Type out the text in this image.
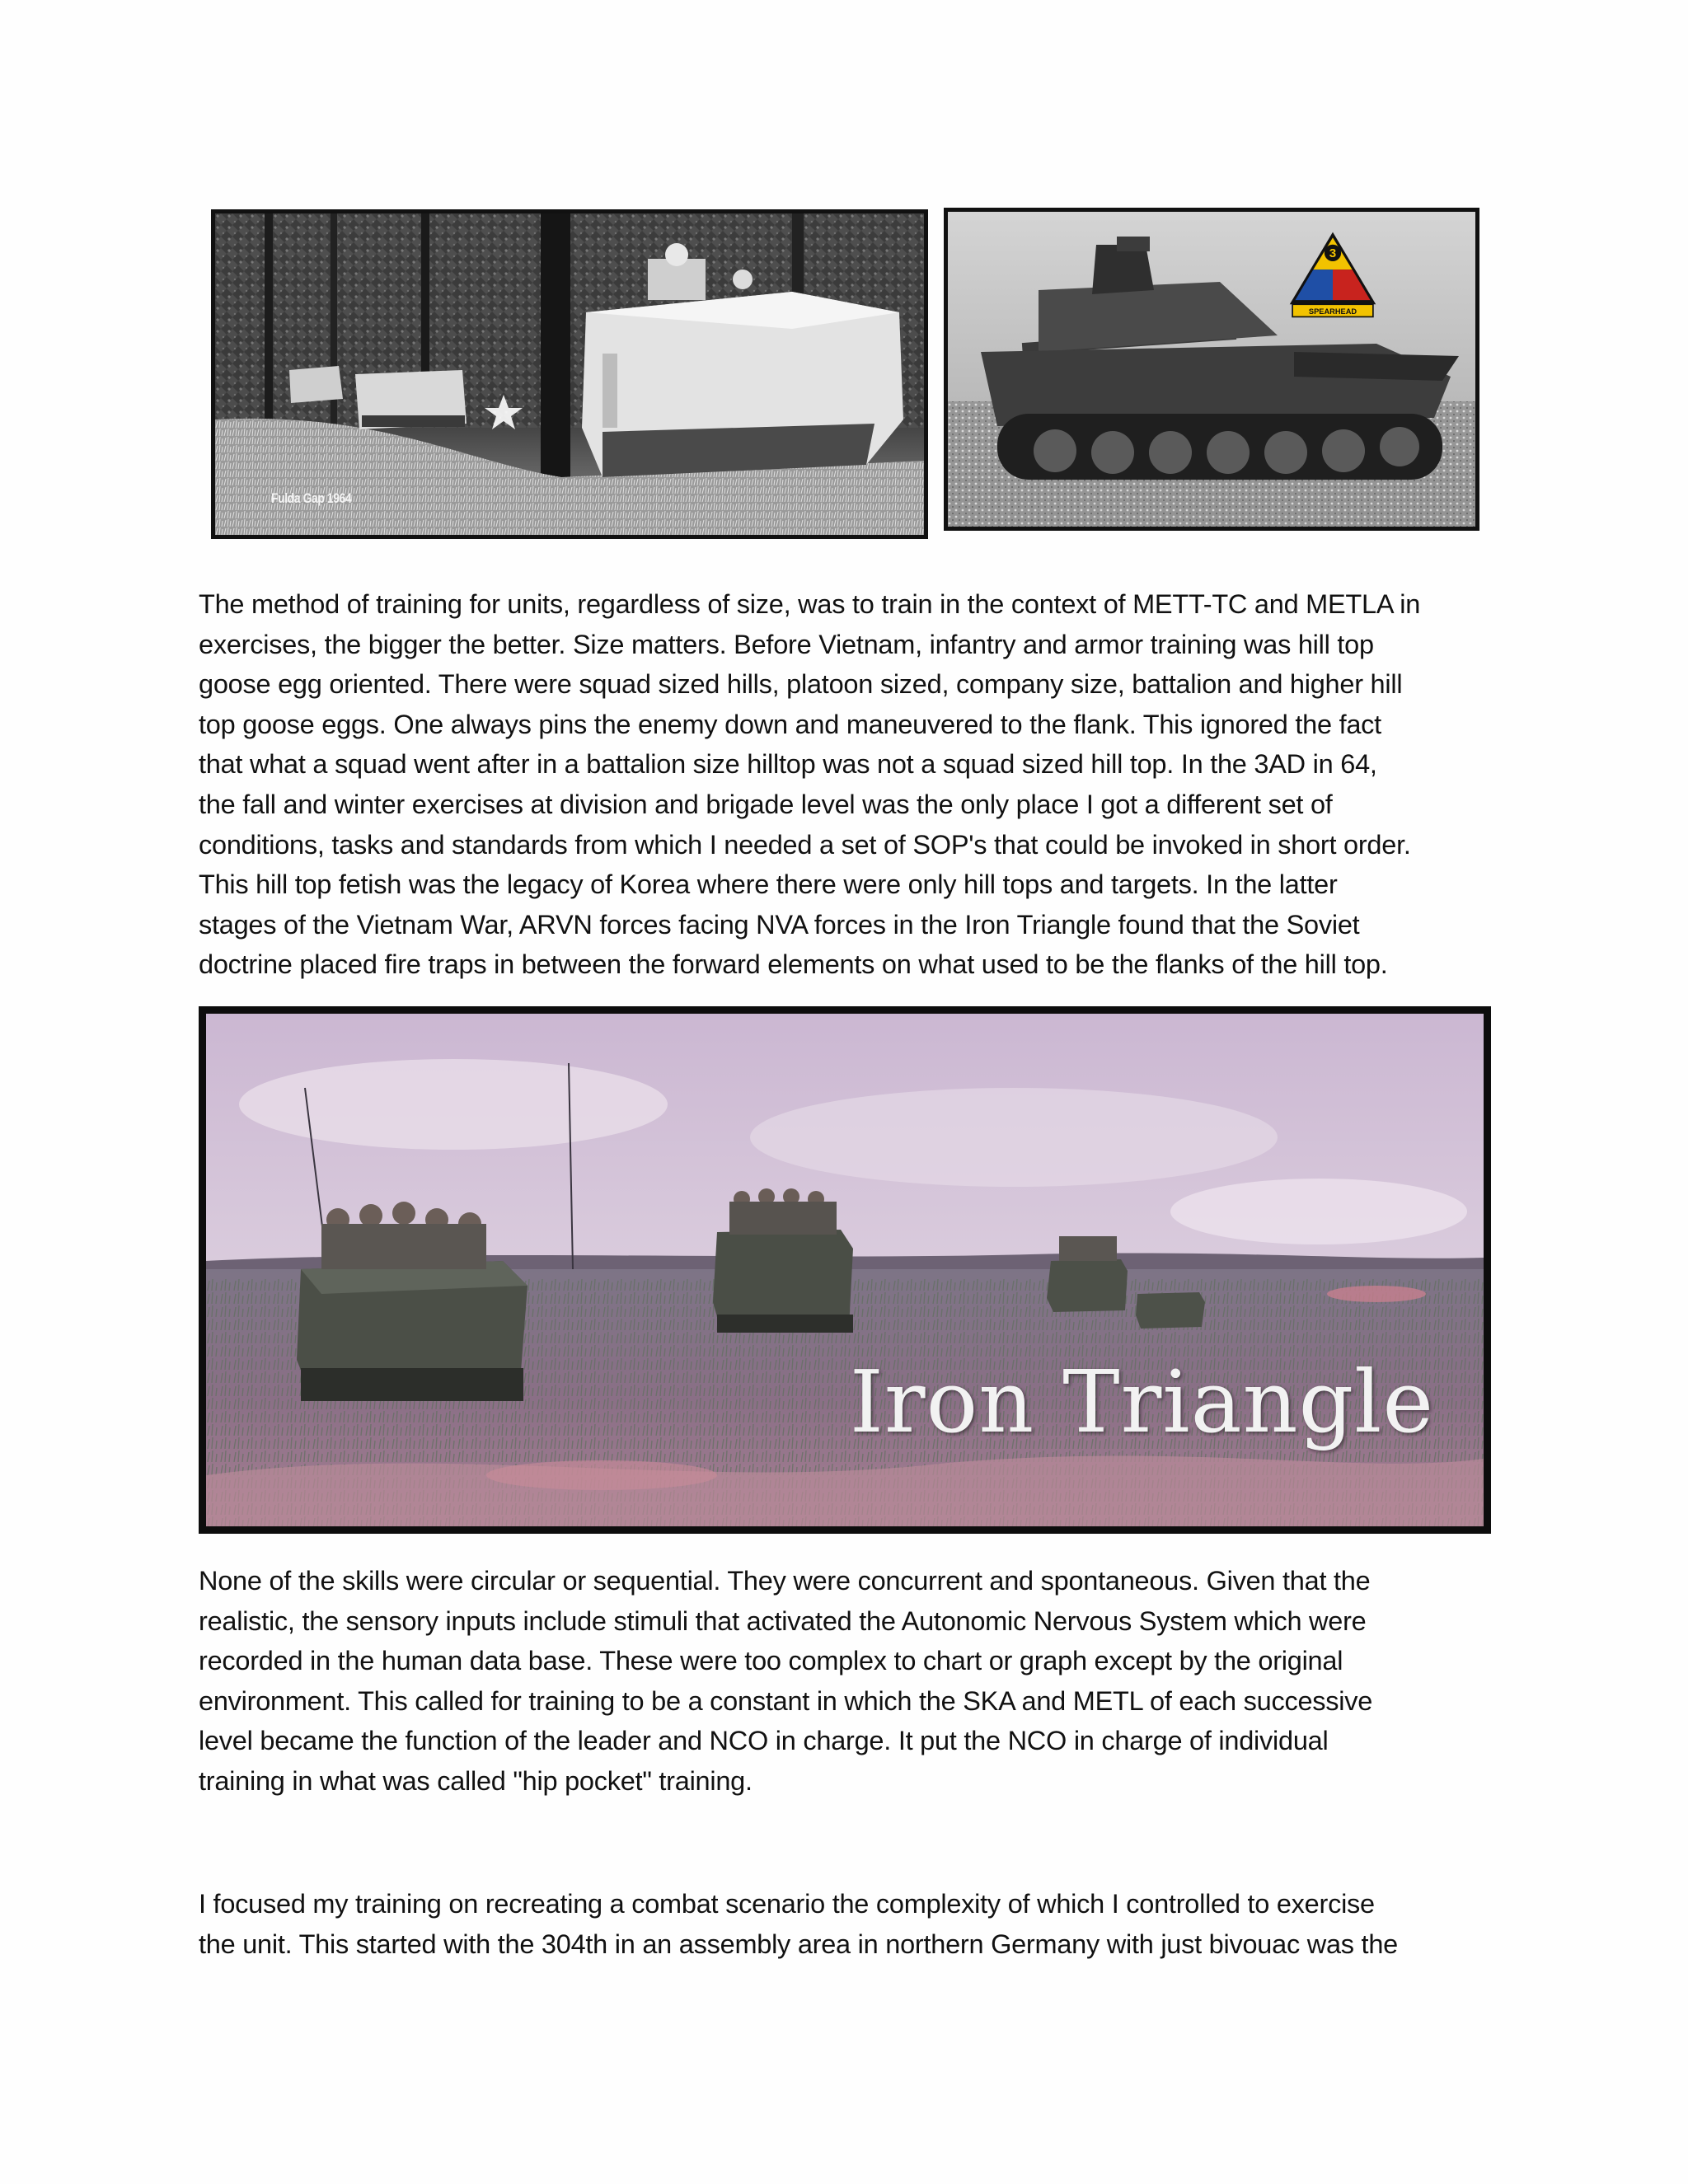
Fulda Gap 1964
3
SPEARHEAD
The method of training for units, regardless of size, was to train in the context of METT-TC and METLA in
exercises, the bigger the better. Size matters. Before Vietnam, infantry and armor training was hill top
goose egg oriented. There were squad sized hills, platoon sized, company size, battalion and higher hill
top goose eggs. One always pins the enemy down and maneuvered to the flank. This ignored the fact
that what a squad went after in a battalion size hilltop was not a squad sized hill top. In the 3AD in 64,
the fall and winter exercises at division and brigade level was the only place I got a different set of
conditions, tasks and standards from which I needed a set of SOP's that could be invoked in short order.
This hill top fetish was the legacy of Korea where there were only hill tops and targets. In the latter
stages of the Vietnam War, ARVN forces facing NVA forces in the Iron Triangle found that the Soviet
doctrine placed fire traps in between the forward elements on what used to be the flanks of the hill top.
Iron Triangle
None of the skills were circular or sequential. They were concurrent and spontaneous. Given that the
realistic, the sensory inputs include stimuli that activated the Autonomic Nervous System which were
recorded in the human data base. These were too complex to chart or graph except by the original
environment. This called for training to be a constant in which the SKA and METL of each successive
level became the function of the leader and NCO in charge. It put the NCO in charge of individual
training in what was called "hip pocket" training.
I focused my training on recreating a combat scenario the complexity of which I controlled to exercise
the unit. This started with the 304th in an assembly area in northern Germany with just bivouac was the
